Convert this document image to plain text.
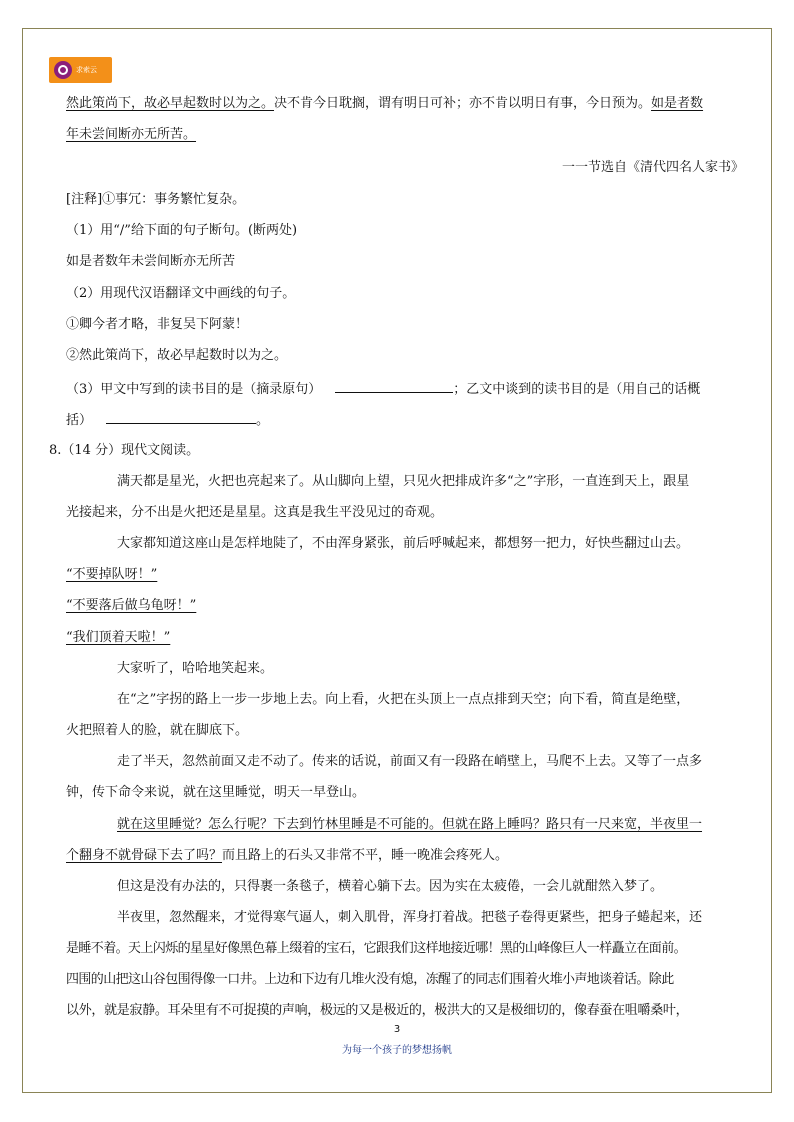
求索云
然此策尚下，故必早起数时以为之。决不肯今日耽搁，谓有明日可补；亦不肯以明日有事，今日预为。如是者数
年未尝间断亦无所苦。
一一节选自《清代四名人家书》
[注释]①事冗：事务繁忙复杂。
（1）用“/”给下面的句子断句。(断两处)
如是者数年未尝间断亦无所苦
（2）用现代汉语翻译文中画线的句子。
①卿今者才略，非复吴下阿蒙！
②然此策尚下，故必早起数时以为之。
（3）甲文中写到的读书目的是（摘录原句）	；乙文中谈到的读书目的是（用自己的话概
括）	。
8.（14 分）现代文阅读。
满天都是星光，火把也亮起来了。从山脚向上望，只见火把排成许多“之”字形，一直连到天上，跟星
光接起来，分不出是火把还是星星。这真是我生平没见过的奇观。
大家都知道这座山是怎样地陡了，不由浑身紧张，前后呼喊起来，都想努一把力，好快些翻过山去。
“不要掉队呀！”
“不要落后做乌龟呀！”
“我们顶着天啦！”
大家听了，哈哈地笑起来。
在“之”字拐的路上一步一步地上去。向上看，火把在头顶上一点点排到天空；向下看，简直是绝壁，
火把照着人的脸，就在脚底下。
走了半天，忽然前面又走不动了。传来的话说，前面又有一段路在峭壁上，马爬不上去。又等了一点多
钟，传下命令来说，就在这里睡觉，明天一早登山。
就在这里睡觉？怎么行呢？下去到竹林里睡是不可能的。但就在路上睡吗？路只有一尺来宽，半夜里一
个翻身不就骨碌下去了吗？而且路上的石头又非常不平，睡一晚准会疼死人。
但这是没有办法的，只得裹一条毯子，横着心躺下去。因为实在太疲倦，一会儿就酣然入梦了。
半夜里，忽然醒来，才觉得寒气逼人，刺入肌骨，浑身打着战。把毯子卷得更紧些，把身子蜷起来，还
是睡不着。天上闪烁的星星好像黑色幕上缀着的宝石，它跟我们这样地接近哪！黑的山峰像巨人一样矗立在面前。
四围的山把这山谷包围得像一口井。上边和下边有几堆火没有熄，冻醒了的同志们围着火堆小声地谈着话。除此
以外，就是寂静。耳朵里有不可捉摸的声响，极远的又是极近的，极洪大的又是极细切的，像春蚕在咀嚼桑叶，
3
为每一个孩子的梦想扬帆
